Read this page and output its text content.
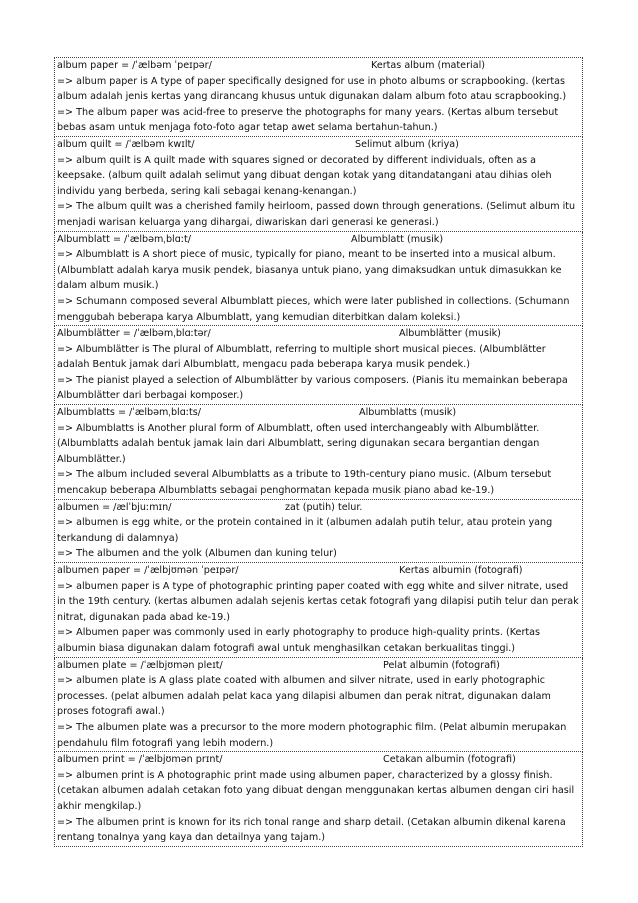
album paper = /ˈælbəm ˈpeɪpər/	Kertas album (material)
=> album paper is A type of paper specifically designed for use in photo albums or scrapbooking. (kertas album adalah jenis kertas yang dirancang khusus untuk digunakan dalam album foto atau scrapbooking.)
=> The album paper was acid-free to preserve the photographs for many years. (Kertas album tersebut bebas asam untuk menjaga foto-foto agar tetap awet selama bertahun-tahun.)
album quilt = /ˈælbəm kwɪlt/	Selimut album (kriya)
=> album quilt is A quilt made with squares signed or decorated by different individuals, often as a keepsake. (album quilt adalah selimut yang dibuat dengan kotak yang ditandatangani atau dihias oleh individu yang berbeda, sering kali sebagai kenang-kenangan.)
=> The album quilt was a cherished family heirloom, passed down through generations. (Selimut album itu menjadi warisan keluarga yang dihargai, diwariskan dari generasi ke generasi.)
Albumblatt = /ˈælbəmˌblɑːt/	Albumblatt (musik)
=> Albumblatt is A short piece of music, typically for piano, meant to be inserted into a musical album. (Albumblatt adalah karya musik pendek, biasanya untuk piano, yang dimaksudkan untuk dimasukkan ke dalam album musik.)
=> Schumann composed several Albumblatt pieces, which were later published in collections. (Schumann menggubah beberapa karya Albumblatt, yang kemudian diterbitkan dalam koleksi.)
Albumblätter = /ˈælbəmˌblɑːtər/	Albumblätter (musik)
=> Albumblätter is The plural of Albumblatt, referring to multiple short musical pieces. (Albumblätter adalah Bentuk jamak dari Albumblatt, mengacu pada beberapa karya musik pendek.)
=> The pianist played a selection of Albumblätter by various composers. (Pianis itu memainkan beberapa Albumblätter dari berbagai komposer.)
Albumblatts = /ˈælbəmˌblɑːts/	Albumblatts (musik)
=> Albumblatts is Another plural form of Albumblatt, often used interchangeably with Albumblätter. (Albumblatts adalah bentuk jamak lain dari Albumblatt, sering digunakan secara bergantian dengan Albumblätter.)
=> The album included several Albumblatts as a tribute to 19th-century piano music. (Album tersebut mencakup beberapa Albumblatts sebagai penghormatan kepada musik piano abad ke-19.)
albumen = /ælˈbjuːmɪn/	zat (putih) telur.
=> albumen is egg white, or the protein contained in it (albumen adalah putih telur, atau protein yang terkandung di dalamnya)
=> The albumen and the yolk (Albumen dan kuning telur)
albumen paper = /ˈælbjʊmən ˈpeɪpər/	Kertas albumin (fotografi)
=> albumen paper is A type of photographic printing paper coated with egg white and silver nitrate, used in the 19th century. (kertas albumen adalah sejenis kertas cetak fotografi yang dilapisi putih telur dan perak nitrat, digunakan pada abad ke-19.)
=> Albumen paper was commonly used in early photography to produce high-quality prints. (Kertas albumin biasa digunakan dalam fotografi awal untuk menghasilkan cetakan berkualitas tinggi.)
albumen plate = /ˈælbjʊmən pleɪt/	Pelat albumin (fotografi)
=> albumen plate is A glass plate coated with albumen and silver nitrate, used in early photographic processes. (pelat albumen adalah pelat kaca yang dilapisi albumen dan perak nitrat, digunakan dalam proses fotografi awal.)
=> The albumen plate was a precursor to the more modern photographic film. (Pelat albumin merupakan pendahulu film fotografi yang lebih modern.)
albumen print = /ˈælbjʊmən prɪnt/	Cetakan albumin (fotografi)
=> albumen print is A photographic print made using albumen paper, characterized by a glossy finish. (cetakan albumen adalah cetakan foto yang dibuat dengan menggunakan kertas albumen dengan ciri hasil akhir mengkilap.)
=> The albumen print is known for its rich tonal range and sharp detail. (Cetakan albumin dikenal karena rentang tonalnya yang kaya dan detailnya yang tajam.)
